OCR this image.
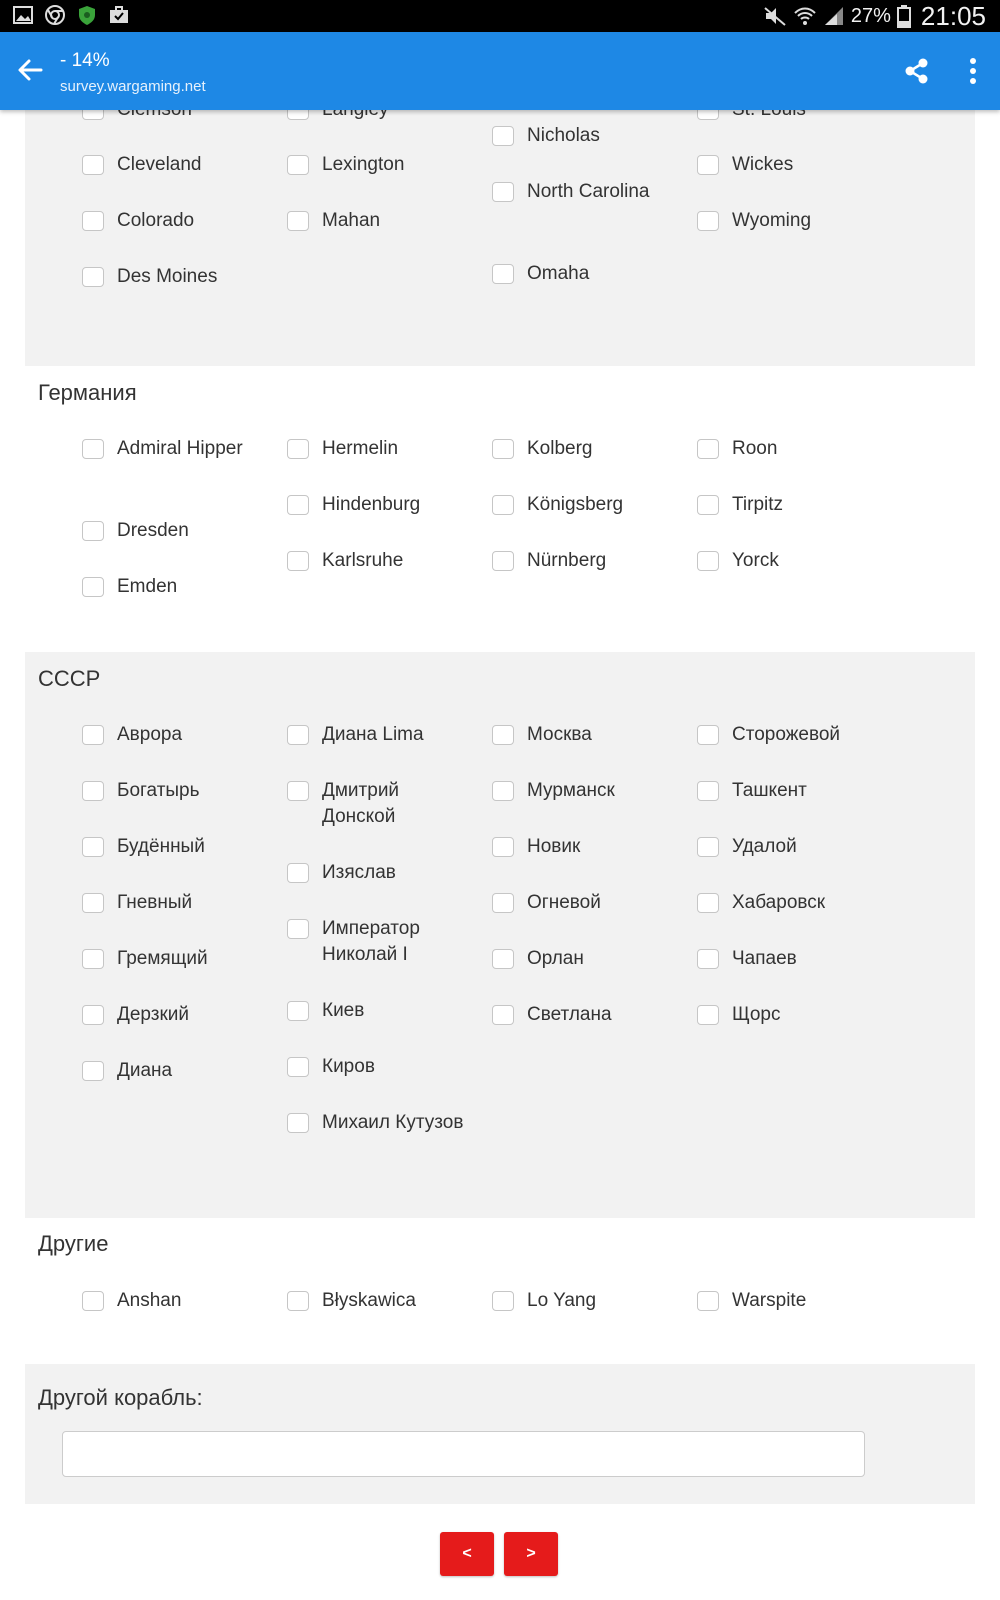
27% 21:05
- 14%
survey.wargaming.net
Cleveland
Colorado
Des Moines
Lexington
Mahan
Nicholas
North Carolina
Omaha
Wickes
Wyoming
Германия
Admiral Hipper
Dresden
Emden
Hermelin
Hindenburg
Karlsruhe
Kolberg
Königsberg
Nürnberg
Roon
Tirpitz
Yorck
СССР
Аврора
Богатырь
Будённый
Гневный
Гремящий
Дерзкий
Диана
Диана Lima
Дмитрий Донской
Изяслав
Император Николай I
Киев
Киров
Михаил Кутузов
Москва
Мурманск
Новик
Огневой
Орлан
Светлана
Сторожевой
Ташкент
Удалой
Хабаровск
Чапаев
Щорс
Другие
Anshan	Błyskawica	Lo Yang	Warspite
Другой корабль:
<	>
